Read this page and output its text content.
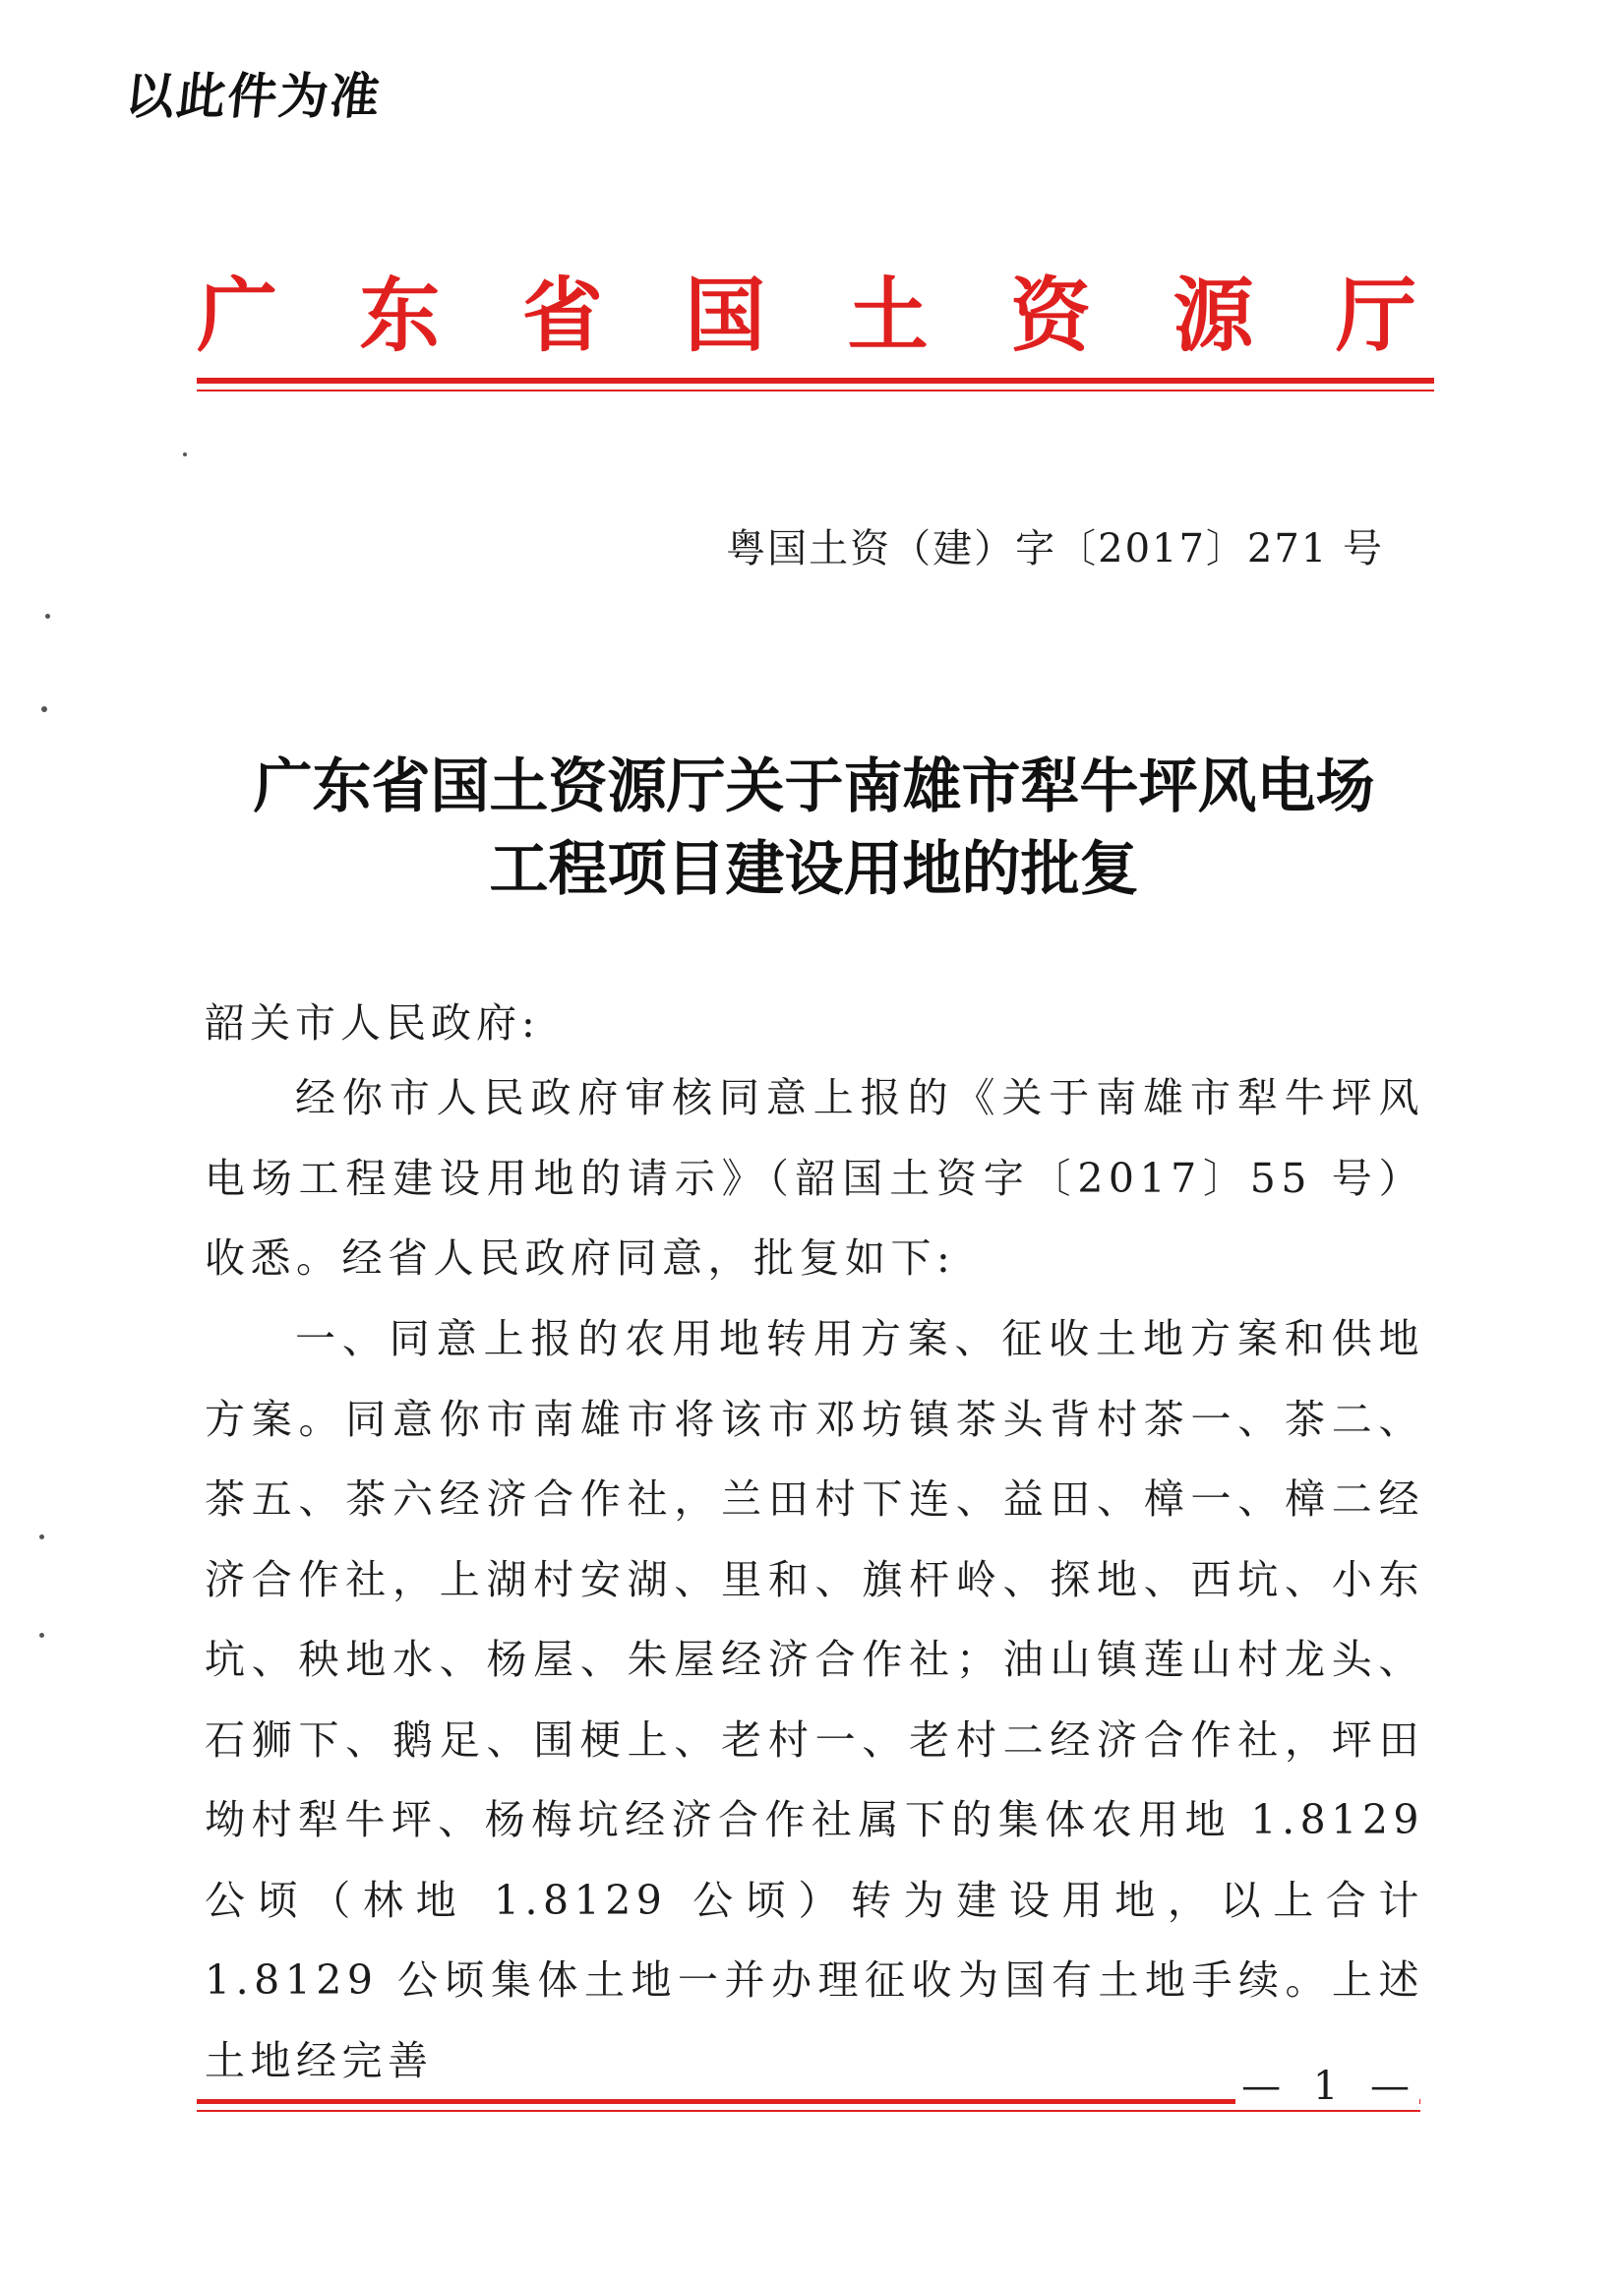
以此件为准
广 东 省 国 土 资 源 厅
粤国土资（建）字〔2017〕271 号
广东省国土资源厅关于南雄市犁牛坪风电场
工程项目建设用地的批复
韶关市人民政府:

经你市人民政府审核同意上报的《关于南雄市犁牛坪风电场工程建设用地的请示》（韶国土资字〔2017〕55 号）收悉。经省人民政府同意，批复如下:

一、同意上报的农用地转用方案、征收土地方案和供地方案。同意你市南雄市将该市邓坊镇茶头背村茶一、茶二、茶五、茶六经济合作社，兰田村下连、益田、樟一、樟二经济合作社，上湖村安湖、里和、旗杆岭、探地、西坑、小东坑、秧地水、杨屋、朱屋经济合作社；油山镇莲山村龙头、石狮下、鹅足、围梗上、老村一、老村二经济合作社，坪田坳村犁牛坪、杨梅坑经济合作社属下的集体农用地 1.8129 公顷（林地 1.8129 公顷）转为建设用地，以上合计 1.8129 公顷集体土地一并办理征收为国有土地手续。上述土地经完善

— 1 —
